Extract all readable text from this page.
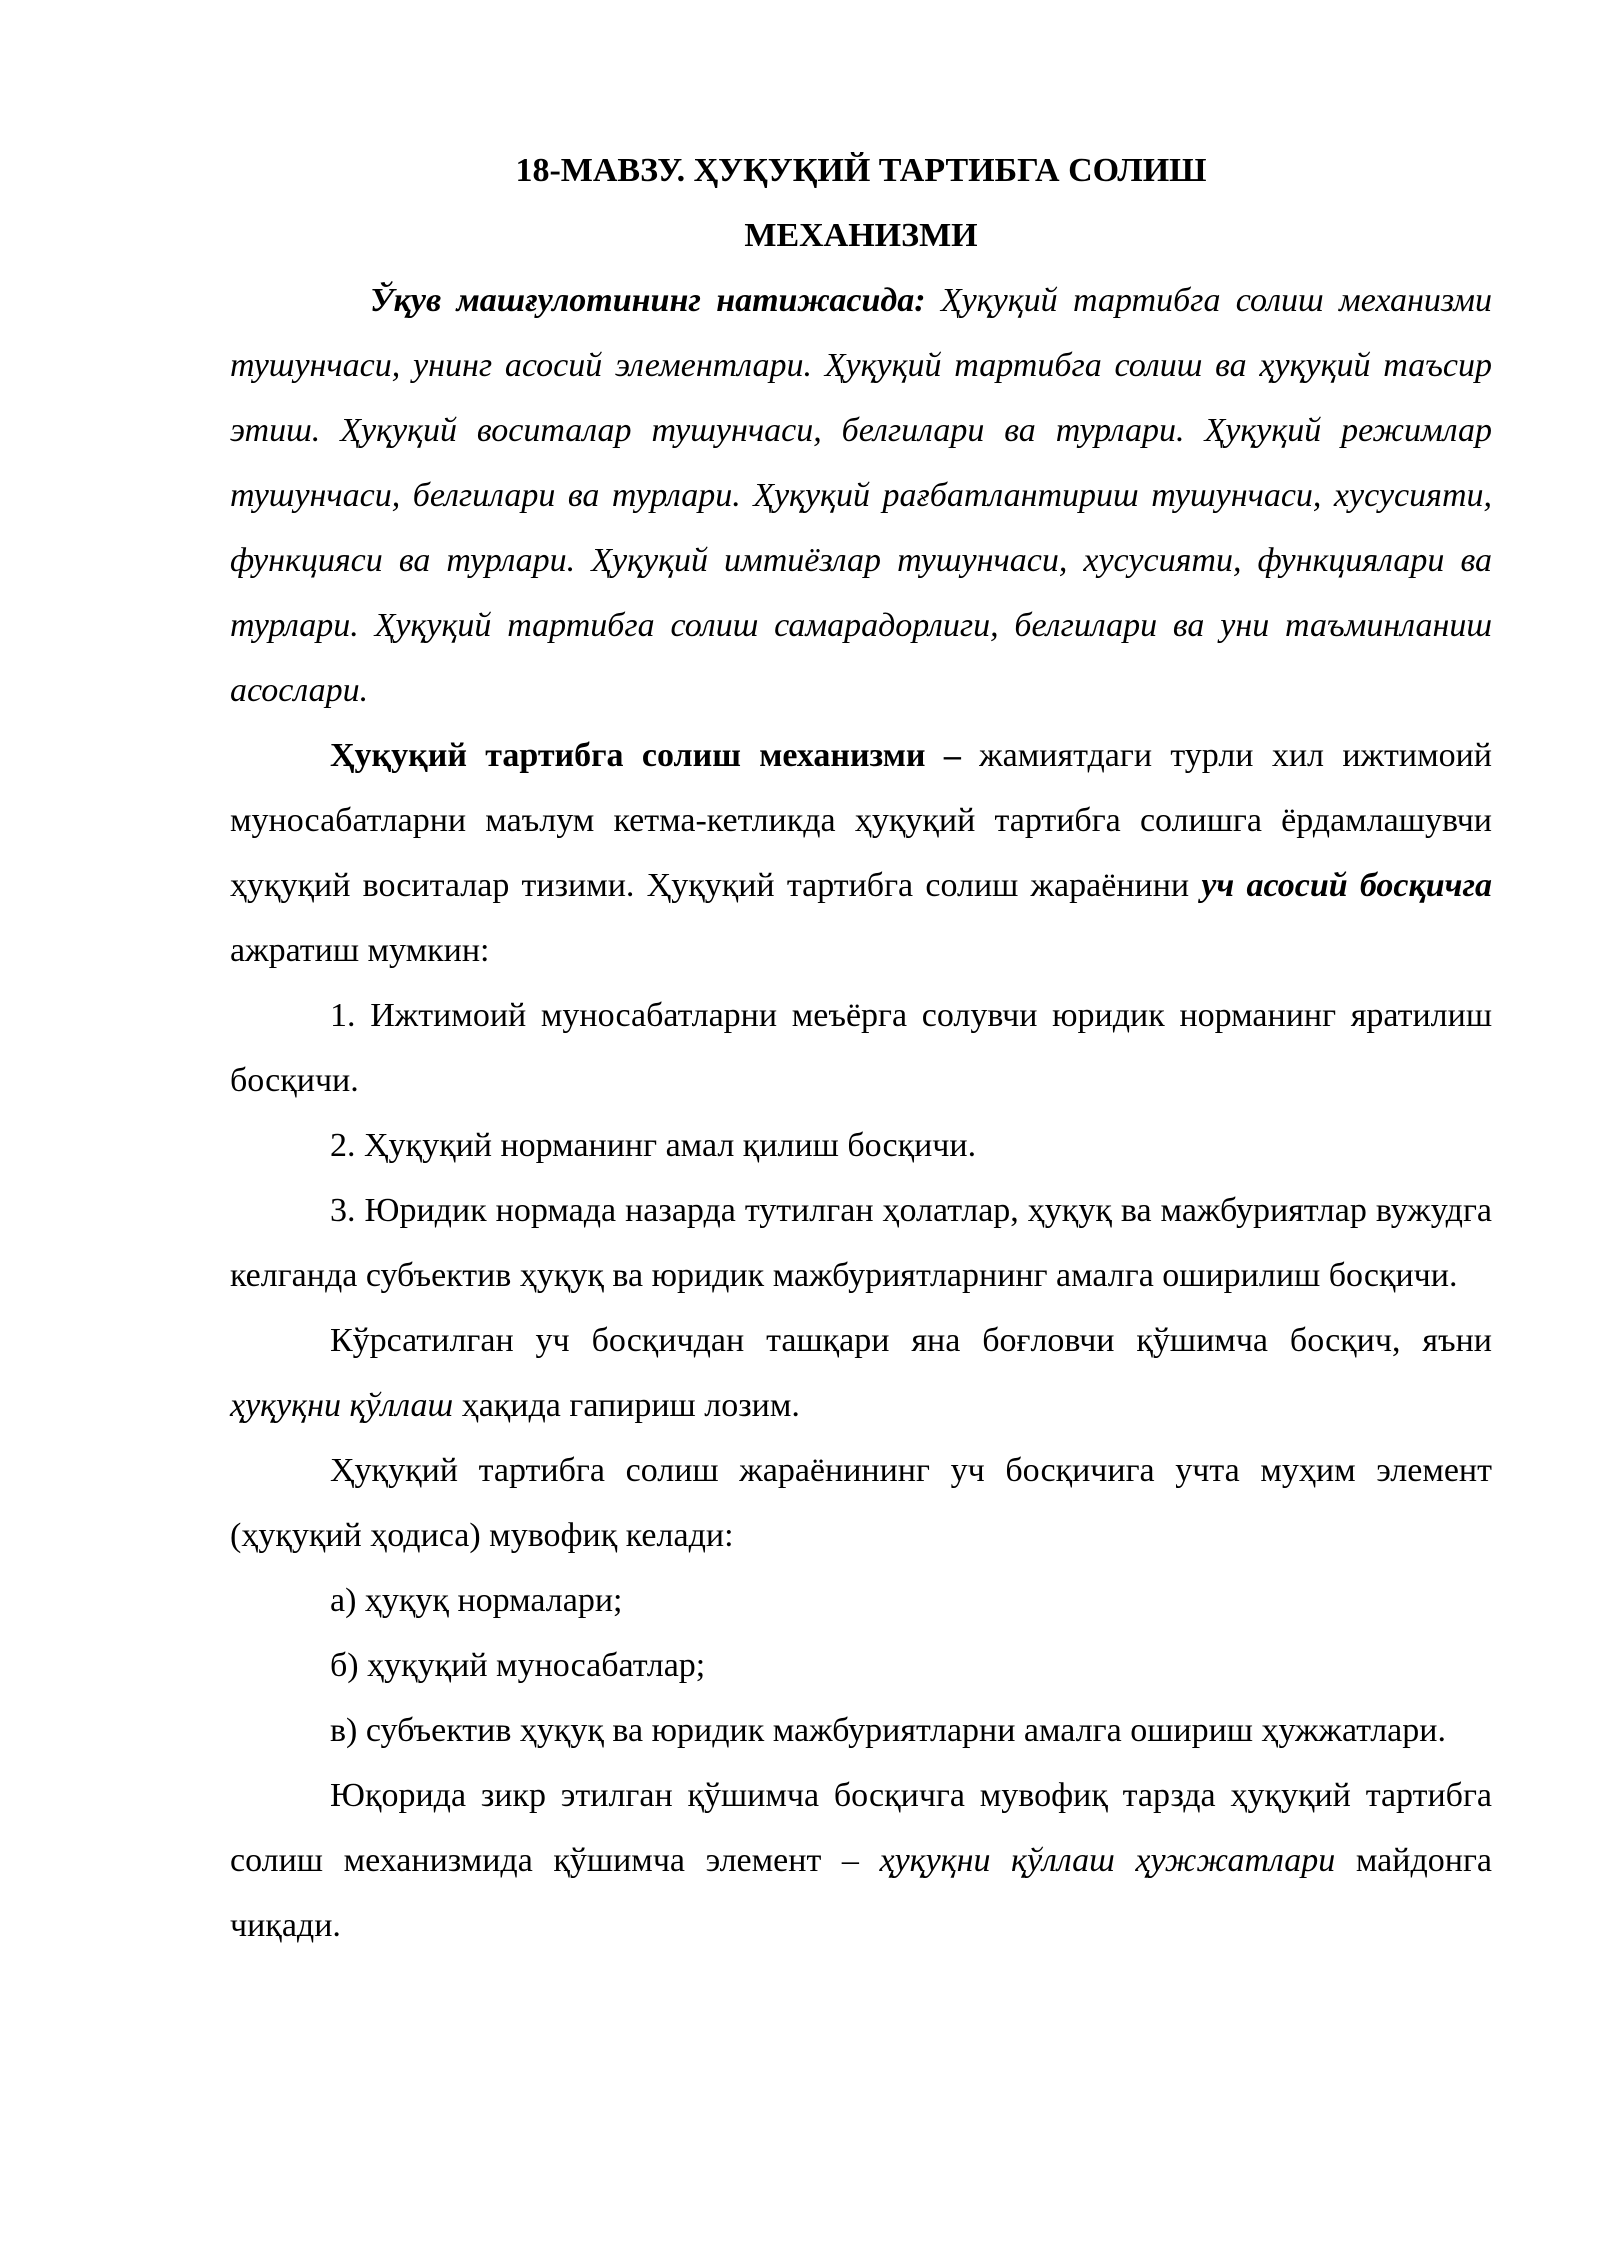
18-МАВЗУ. ҲУҚУҚИЙ ТАРТИБГА СОЛИШ
МЕХАНИЗМИ

Ўқув машғулотининг натижасида: Ҳуқуқий тартибга солиш механизми тушунчаси, унинг асосий элементлари. Ҳуқуқий тартибга солиш ва ҳуқуқий таъсир этиш. Ҳуқуқий воситалар тушунчаси, белгилари ва турлари. Ҳуқуқий режимлар тушунчаси, белгилари ва турлари. Ҳуқуқий рағбатлантириш тушунчаси, хусусияти, функцияси ва турлари. Ҳуқуқий имтиёзлар тушунчаси, хусусияти, функциялари ва турлари. Ҳуқуқий тартибга солиш самарадорлиги, белгилари ва уни таъминланиш асослари.

Ҳуқуқий тартибга солиш механизми – жамиятдаги турли хил ижтимоий муносабатларни маълум кетма-кетликда ҳуқуқий тартибга солишга ёрдамлашувчи ҳуқуқий воситалар тизими. Ҳуқуқий тартибга солиш жараёнини уч асосий босқичга ажратиш мумкин:

1. Ижтимоий муносабатларни меъёрга солувчи юридик норманинг яратилиш босқичи.

2. Ҳуқуқий норманинг амал қилиш босқичи.

3. Юридик нормада назарда тутилган ҳолатлар, ҳуқуқ ва мажбуриятлар вужудга келганда субъектив ҳуқуқ ва юридик мажбуриятларнинг амалга оширилиш босқичи.

Кўрсатилган уч босқичдан ташқари яна боғловчи қўшимча босқич, яъни ҳуқуқни қўллаш ҳақида гапириш лозим.

Ҳуқуқий тартибга солиш жараёнининг уч босқичига учта муҳим элемент (ҳуқуқий ҳодиса) мувофиқ келади:

а) ҳуқуқ нормалари;

б) ҳуқуқий муносабатлар;

в) субъектив ҳуқуқ ва юридик мажбуриятларни амалга ошириш ҳужжатлари.

Юқорида зикр этилган қўшимча босқичга мувофиқ тарзда ҳуқуқий тартибга солиш механизмида қўшимча элемент – ҳуқуқни қўллаш ҳужжатлари майдонга чиқади.
